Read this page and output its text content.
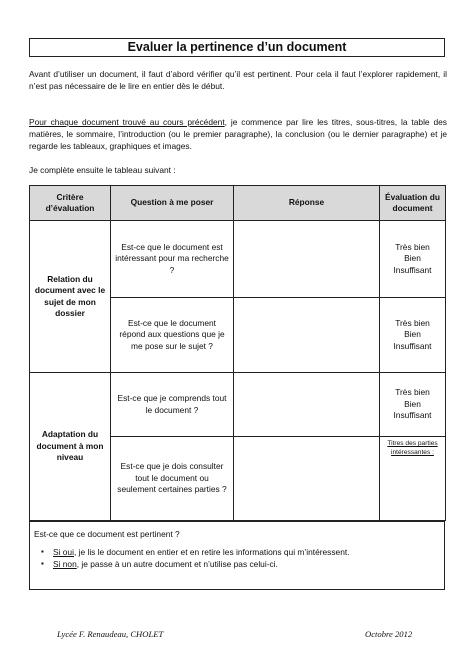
Evaluer la pertinence d’un document
Avant d’utiliser un document, il faut d’abord vérifier qu’il est pertinent. Pour cela il faut l’explorer rapidement, il n’est pas nécessaire de le lire en entier dès le début.
Pour chaque document trouvé au cours précédent, je commence par lire les titres, sous-titres, la table des matières, le sommaire, l’introduction (ou le premier paragraphe), la conclusion (ou le dernier paragraphe) et je regarde les tableaux, graphiques et images.
Je complète ensuite le tableau suivant :
Critère d’évaluation	Question à me poser	Réponse	Évaluation du document
Relation du document avec le sujet de mon dossier	Est-ce que le document est intéressant pour ma recherche ?		Très bien
Bien
Insuffisant

	Est-ce que le document répond aux questions que je me pose sur le sujet ?		Très bien
Bien
Insuffisant

Adaptation du document à mon niveau	Est-ce que je comprends tout le document ?		Très bien
Bien
Insuffisant

	Est-ce que je dois consulter tout le document ou seulement certaines parties ?		Titres des parties intéressantes :
Est-ce que ce document est pertinent ?
▪ Si oui, je lis le document en entier et en retire les informations qui m’intéressent.
▪ Si non, je passe à un autre document et n’utilise pas celui-ci.
Lycée F. Renaudeau, CHOLET	Octobre 2012
